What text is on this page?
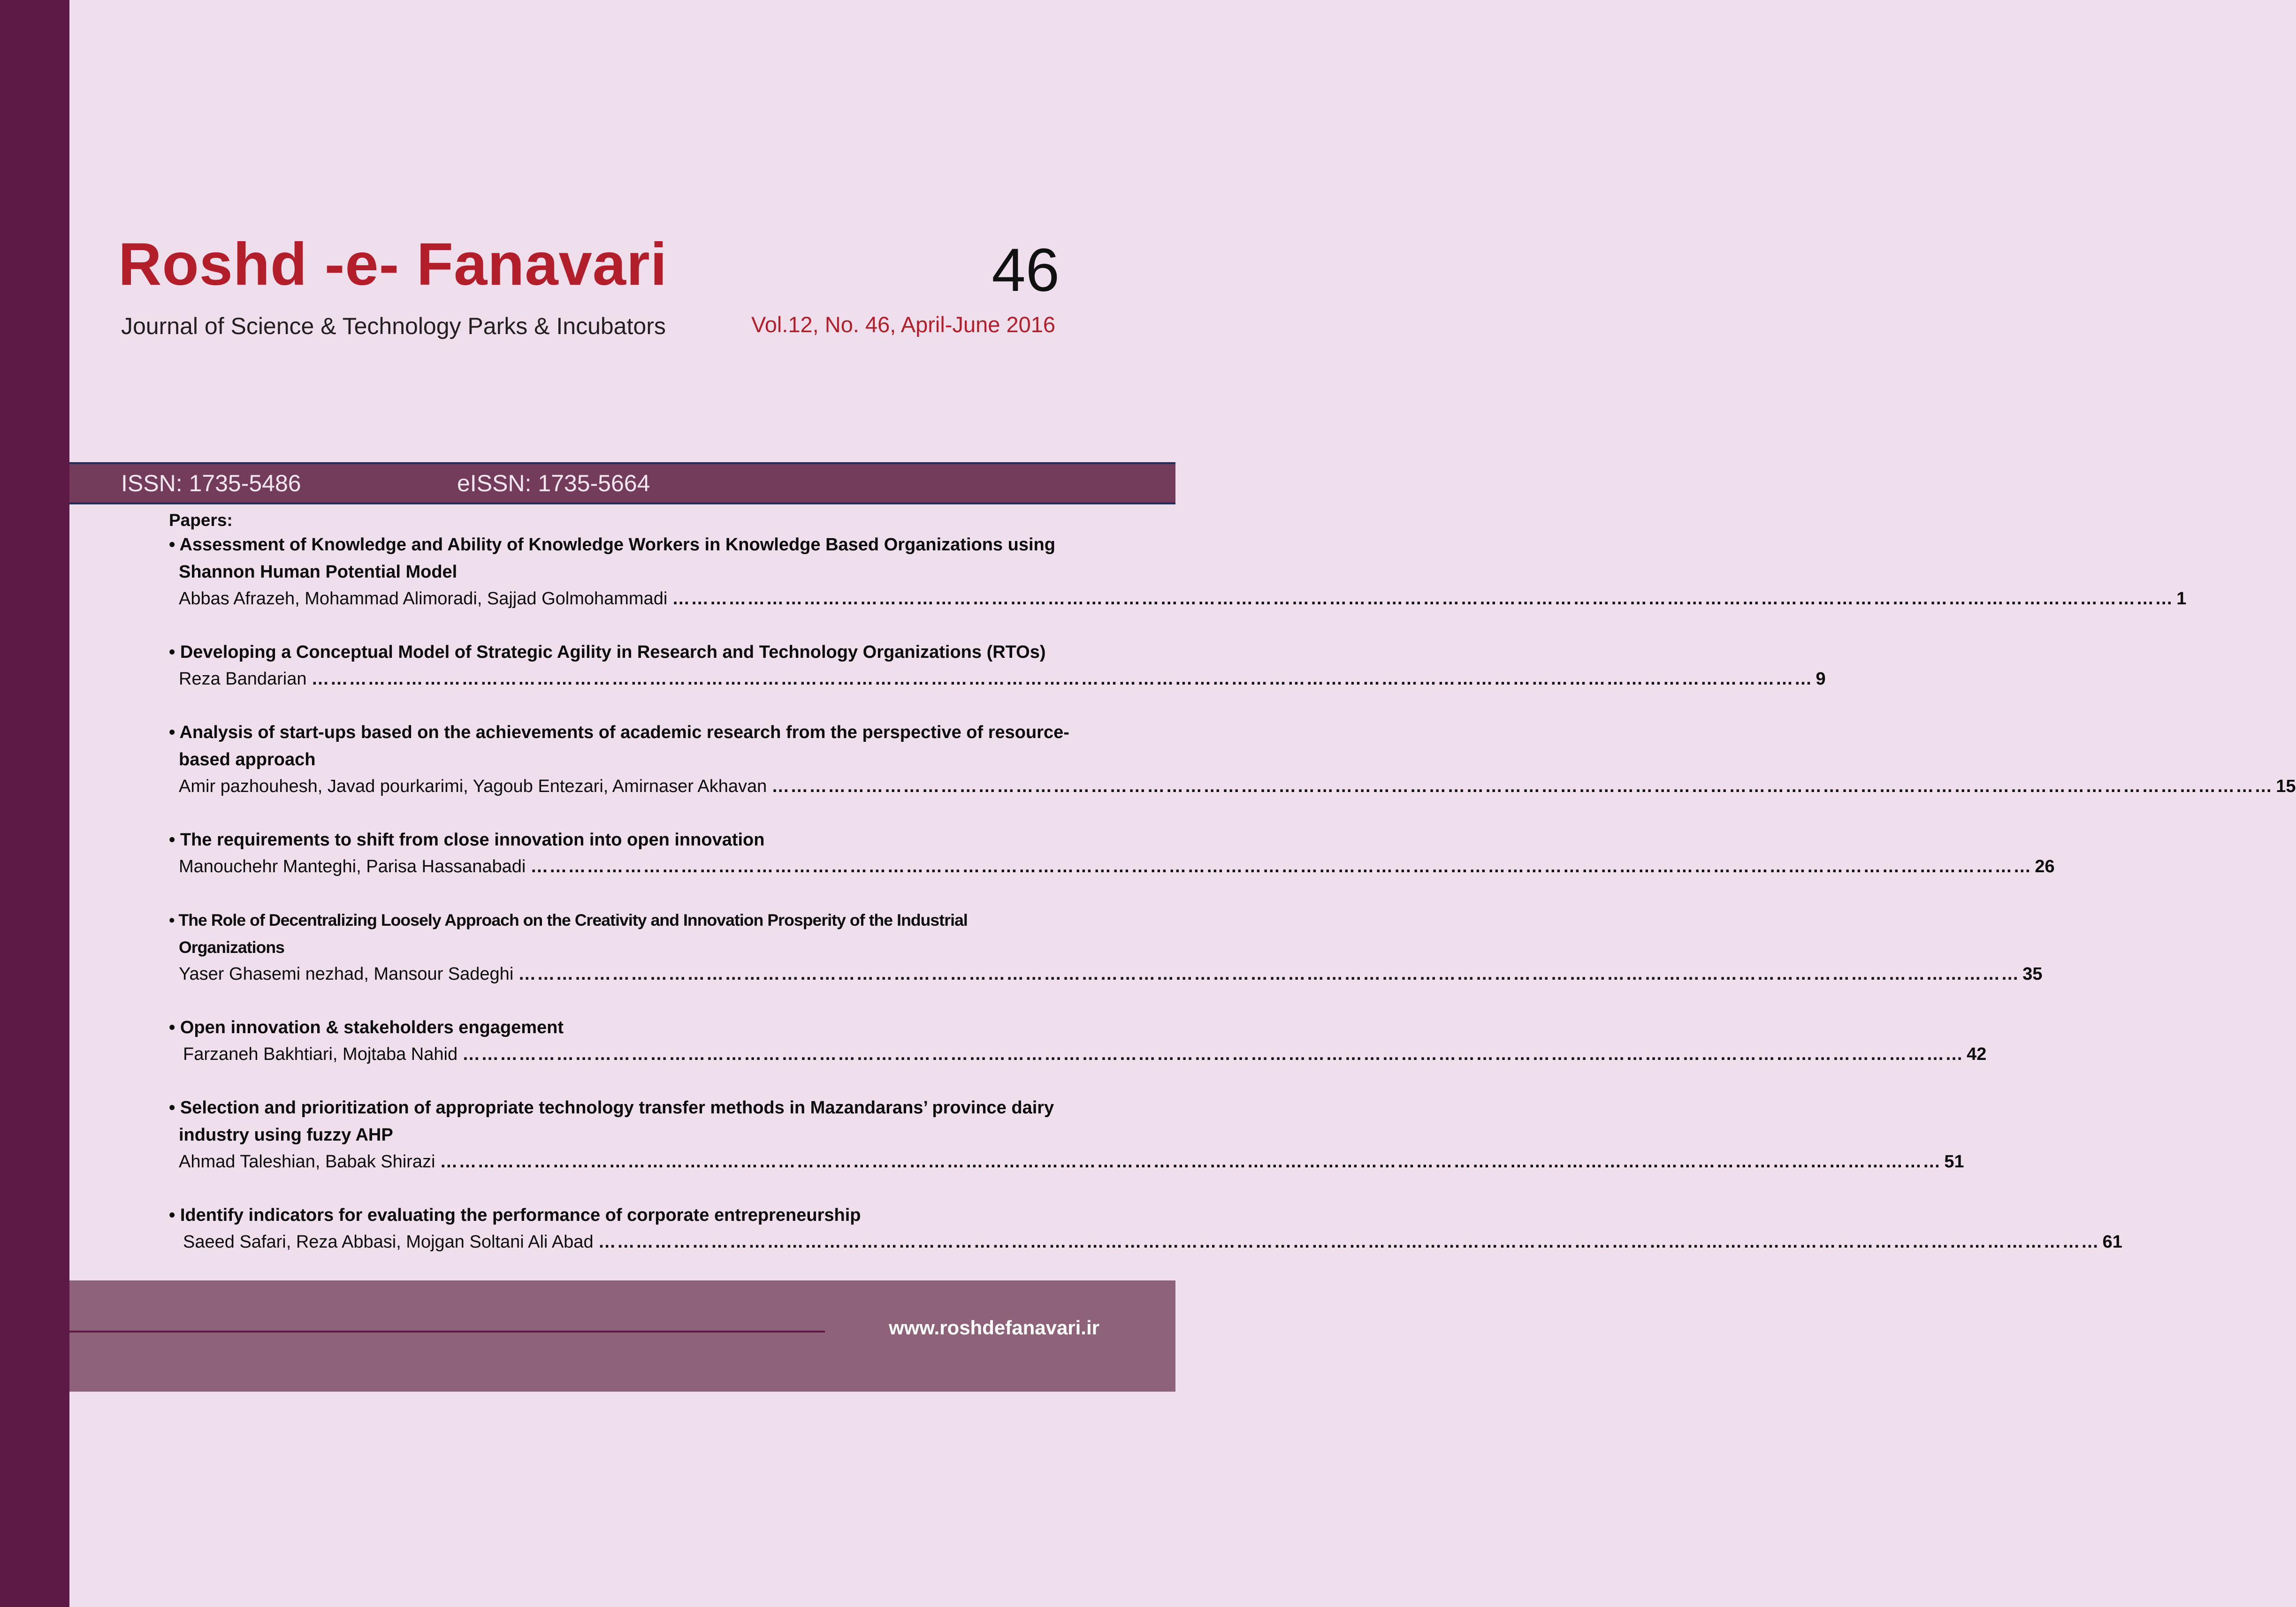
Roshd -e- Fanavari
Journal of Science & Technology Parks & Incubators
46
Vol.12, No. 46, April-June 2016
ISSN: 1735-5486	eISSN: 1735-5664
Papers:
• Assessment of Knowledge and Ability of Knowledge Workers in Knowledge Based Organizations using Shannon Human Potential Model
Abbas Afrazeh, Mohammad Alimoradi, Sajjad Golmohammadi …………………………………………………………………………………………………………………………………………………………………………………………………………………… 1
• Developing a Conceptual Model of Strategic Agility in Research and Technology Organizations (RTOs)
Reza Bandarian …………………………………………………………………………………………………………………………………………………………………………………………………………………… 9
• Analysis of start-ups based on the achievements of academic research from the perspective of resource-based approach
Amir pazhouhesh, Javad pourkarimi, Yagoub Entezari, Amirnaser Akhavan …………………………………………………………………………………………………………………………………………………………………………………………………………………… 15
• The requirements to shift from close innovation into open innovation
Manouchehr Manteghi, Parisa Hassanabadi …………………………………………………………………………………………………………………………………………………………………………………………………………………… 26
• The Role of Decentralizing Loosely Approach on the Creativity and Innovation Prosperity of the Industrial Organizations
Yaser Ghasemi nezhad, Mansour Sadeghi …………………………………………………………………………………………………………………………………………………………………………………………………………………… 35
• Open innovation & stakeholders engagement
Farzaneh Bakhtiari, Mojtaba Nahid …………………………………………………………………………………………………………………………………………………………………………………………………………………… 42
• Selection and prioritization of appropriate technology transfer methods in Mazandarans’ province dairy industry using fuzzy AHP
Ahmad Taleshian, Babak Shirazi …………………………………………………………………………………………………………………………………………………………………………………………………………………… 51
• Identify indicators for evaluating the performance of corporate entrepreneurship
Saeed Safari, Reza Abbasi, Mojgan Soltani Ali Abad …………………………………………………………………………………………………………………………………………………………………………………………………………………… 61
www.roshdefanavari.ir
